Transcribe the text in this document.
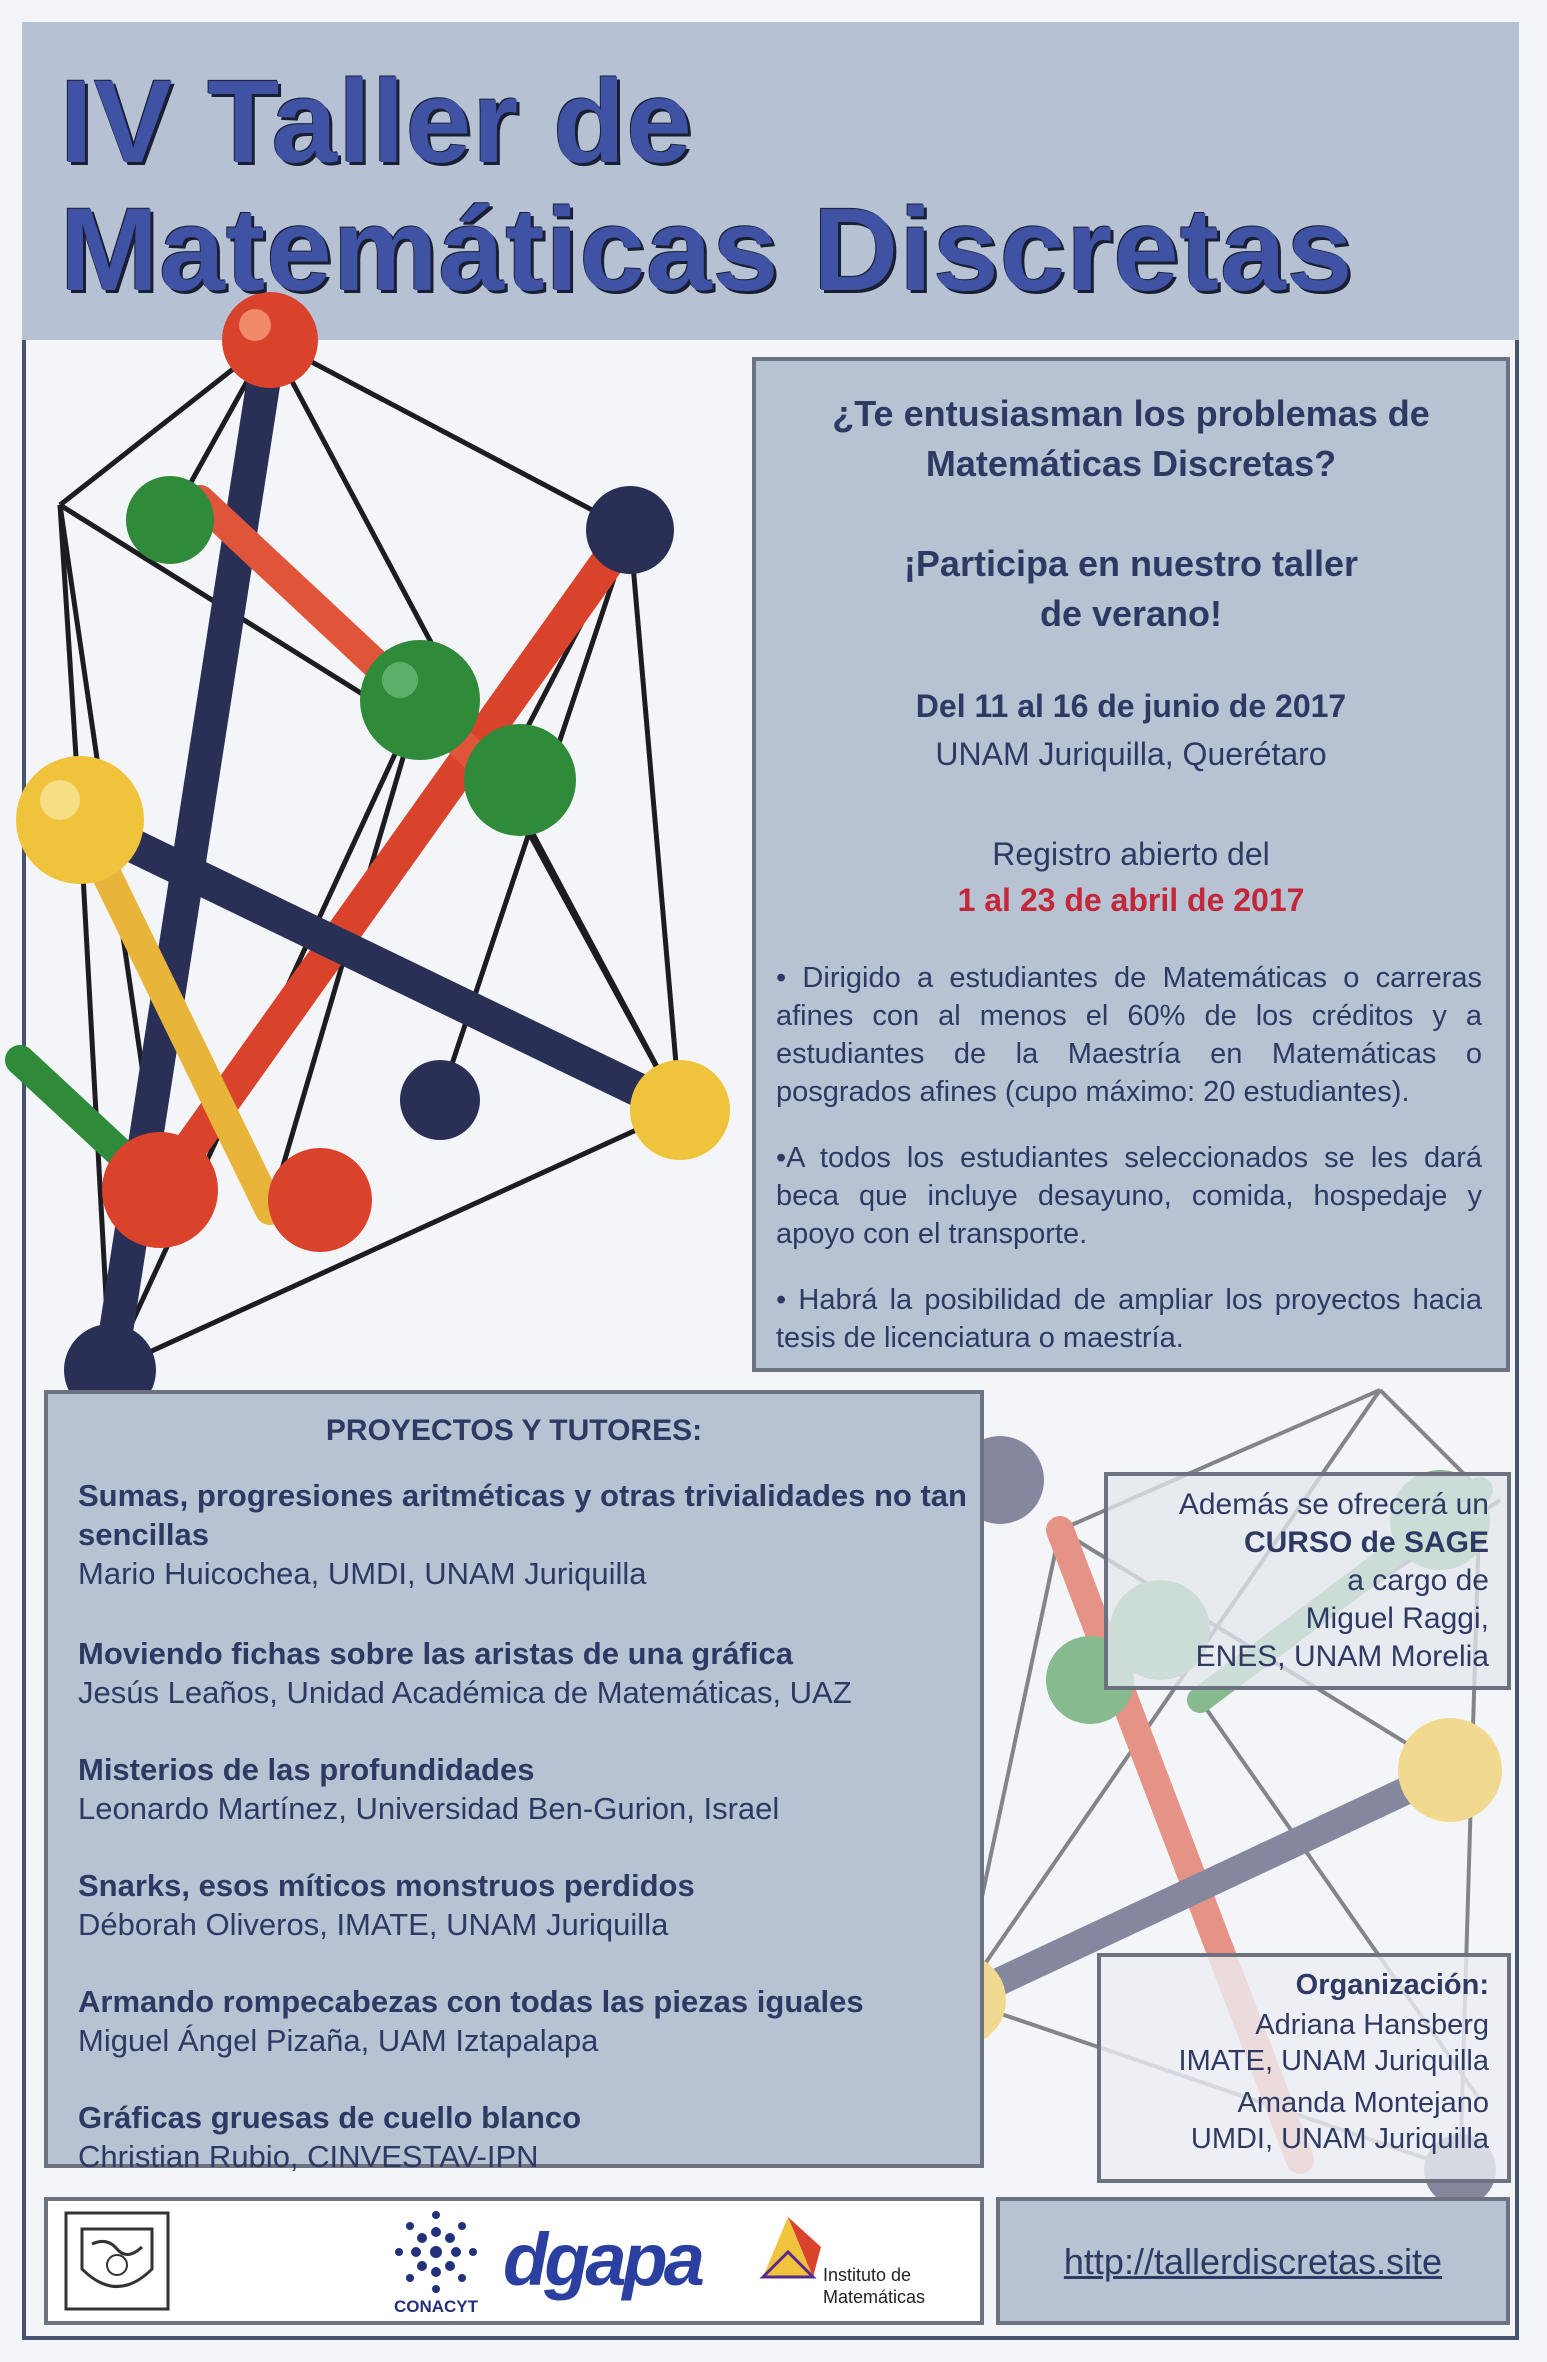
IV Taller de
Matemáticas Discretas
¿Te entusiasman los problemas de
Matemáticas Discretas?
¡Participa en nuestro taller
de verano!
Del 11 al 16 de junio de 2017
UNAM Juriquilla, Querétaro
Registro abierto del
1 al 23 de abril de 2017
• Dirigido a estudiantes de Matemáticas o carreras afines con al menos el 60% de los créditos y a estudiantes de la Maestría en Matemáticas o posgrados afines (cupo máximo: 20 estudiantes).
•A todos los estudiantes seleccionados se les dará beca que incluye desayuno, comida, hospedaje y apoyo con el transporte.
• Habrá la posibilidad de ampliar los proyectos hacia tesis de licenciatura o maestría.
PROYECTOS Y TUTORES:
Sumas, progresiones aritméticas y otras trivialidades no tan sencillas
Mario Huicochea, UMDI, UNAM Juriquilla
Moviendo fichas sobre las aristas de una gráfica
Jesús Leaños, Unidad Académica de Matemáticas, UAZ
Misterios de las profundidades
Leonardo Martínez, Universidad Ben-Gurion, Israel
Snarks, esos míticos monstruos perdidos
Déborah Oliveros, IMATE, UNAM Juriquilla
Armando rompecabezas con todas las piezas iguales
Miguel Ángel Pizaña, UAM Iztapalapa
Gráficas gruesas de cuello blanco
Christian Rubio, CINVESTAV-IPN
Además se ofrecerá un
CURSO de SAGE
a cargo de
Miguel Raggi,
ENES, UNAM Morelia
Organización:
Adriana Hansberg
IMATE, UNAM Juriquilla
Amanda Montejano
UMDI, UNAM Juriquilla
CONACYT
dgapa	Instituto de
Matemáticas
http://tallerdiscretas.site
